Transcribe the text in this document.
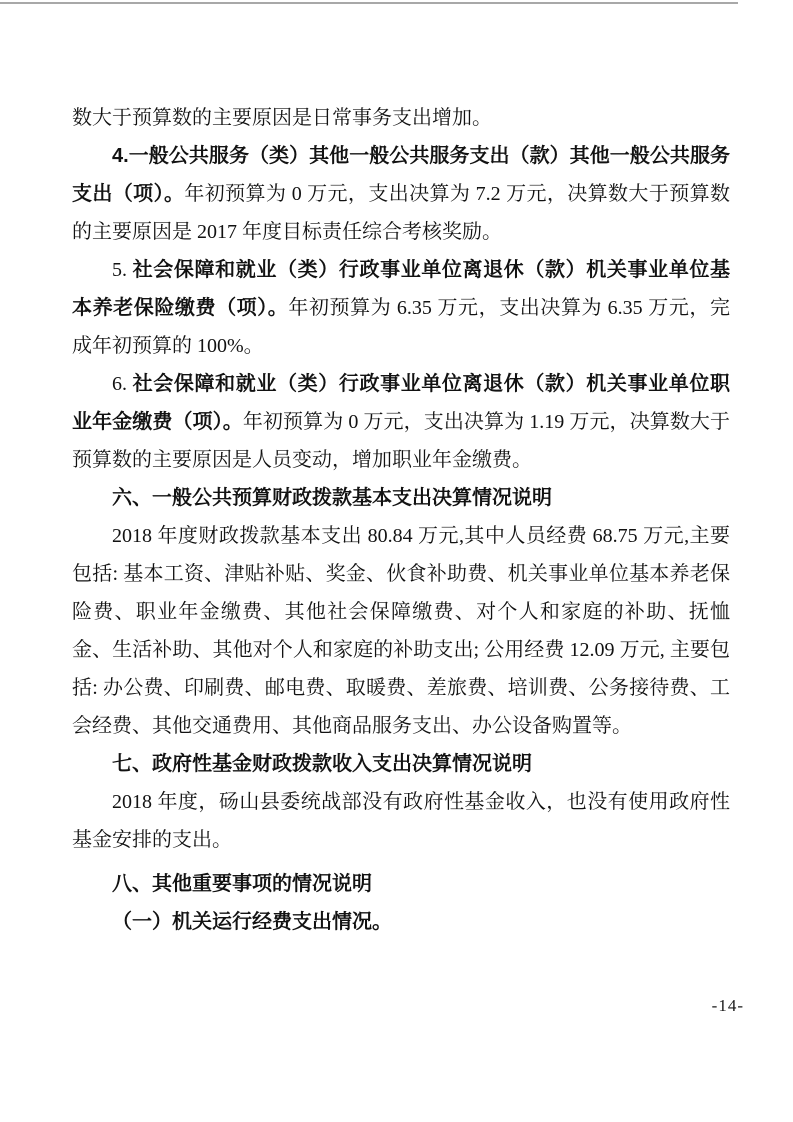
数大于预算数的主要原因是日常事务支出增加。

4.一般公共服务（类）其他一般公共服务支出（款）其他一般公共服务支出（项）。年初预算为 0 万元，支出决算为 7.2 万元，决算数大于预算数的主要原因是 2017 年度目标责任综合考核奖励。

5. 社会保障和就业（类）行政事业单位离退休（款）机关事业单位基本养老保险缴费（项）。年初预算为 6.35 万元，支出决算为 6.35 万元，完成年初预算的 100%。

6. 社会保障和就业（类）行政事业单位离退休（款）机关事业单位职业年金缴费（项）。年初预算为 0 万元，支出决算为 1.19 万元，决算数大于预算数的主要原因是人员变动，增加职业年金缴费。

六、一般公共预算财政拨款基本支出决算情况说明

2018 年度财政拨款基本支出 80.84 万元,其中人员经费 68.75 万元,主要包括: 基本工资、津贴补贴、奖金、伙食补助费、机关事业单位基本养老保险费、职业年金缴费、其他社会保障缴费、对个人和家庭的补助、抚恤金、生活补助、其他对个人和家庭的补助支出; 公用经费 12.09 万元, 主要包括: 办公费、印刷费、邮电费、取暖费、差旅费、培训费、公务接待费、工会经费、其他交通费用、其他商品服务支出、办公设备购置等。

七、政府性基金财政拨款收入支出决算情况说明

2018 年度，砀山县委统战部没有政府性基金收入，也没有使用政府性基金安排的支出。

八、其他重要事项的情况说明

（一）机关运行经费支出情况。

-14-
